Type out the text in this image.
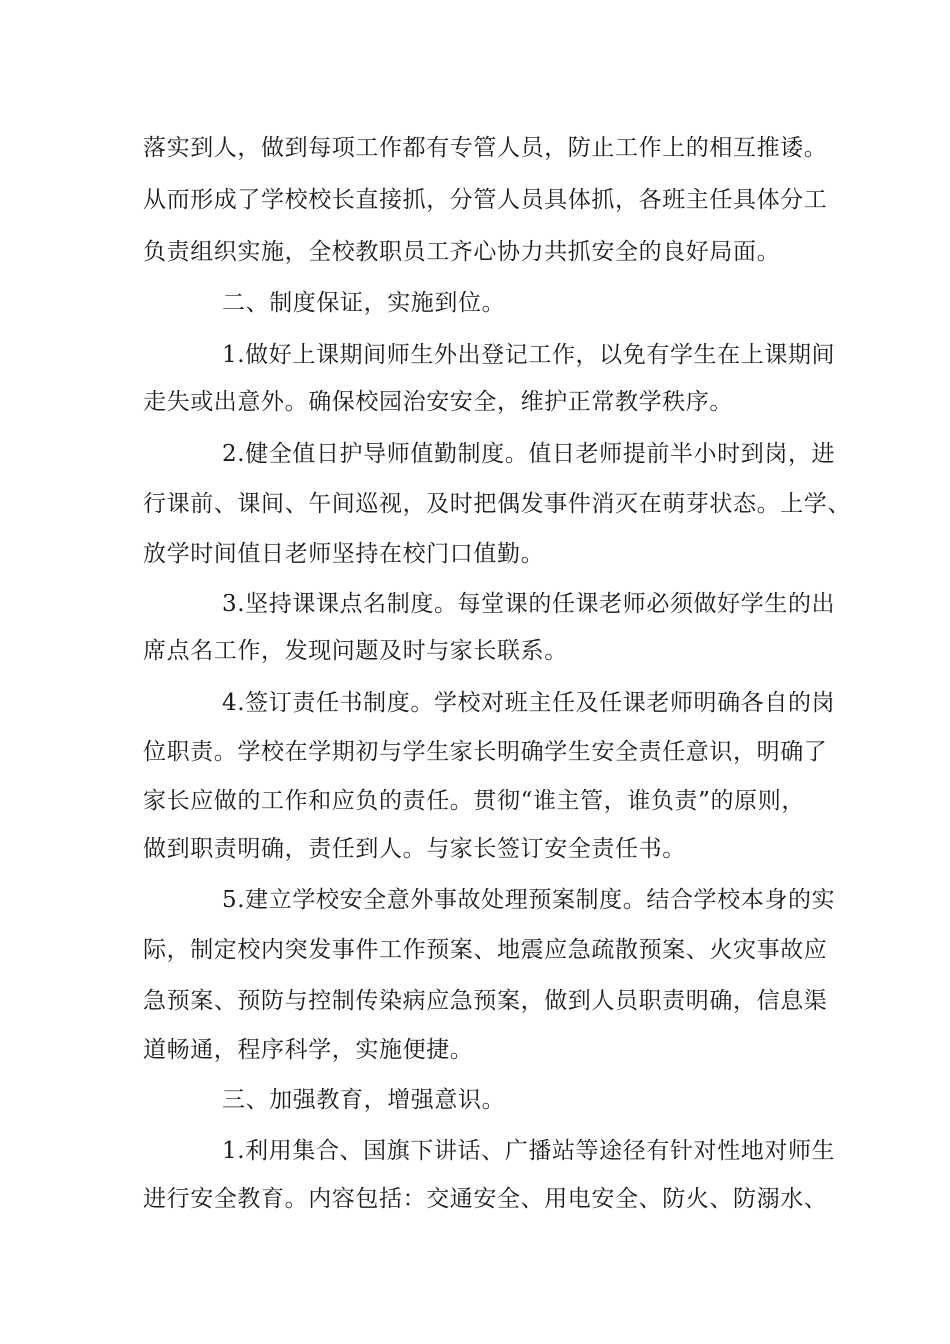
落实到人，做到每项工作都有专管人员，防止工作上的相互推诿。
从而形成了学校校长直接抓，分管人员具体抓，各班主任具体分工
负责组织实施，全校教职员工齐心协力共抓安全的良好局面。
二、制度保证，实施到位。
1.做好上课期间师生外出登记工作，以免有学生在上课期间
走失或出意外。确保校园治安安全，维护正常教学秩序。
2.健全值日护导师值勤制度。值日老师提前半小时到岗，进
行课前、课间、午间巡视，及时把偶发事件消灭在萌芽状态。上学、
放学时间值日老师坚持在校门口值勤。
3.坚持课课点名制度。每堂课的任课老师必须做好学生的出
席点名工作，发现问题及时与家长联系。
4.签订责任书制度。学校对班主任及任课老师明确各自的岗
位职责。学校在学期初与学生家长明确学生安全责任意识，明确了
家长应做的工作和应负的责任。贯彻“谁主管，谁负责”的原则，
做到职责明确，责任到人。与家长签订安全责任书。
5.建立学校安全意外事故处理预案制度。结合学校本身的实
际，制定校内突发事件工作预案、地震应急疏散预案、火灾事故应
急预案、预防与控制传染病应急预案，做到人员职责明确，信息渠
道畅通，程序科学，实施便捷。
三、加强教育，增强意识。
1.利用集合、国旗下讲话、广播站等途径有针对性地对师生
进行安全教育。内容包括：交通安全、用电安全、防火、防溺水、
